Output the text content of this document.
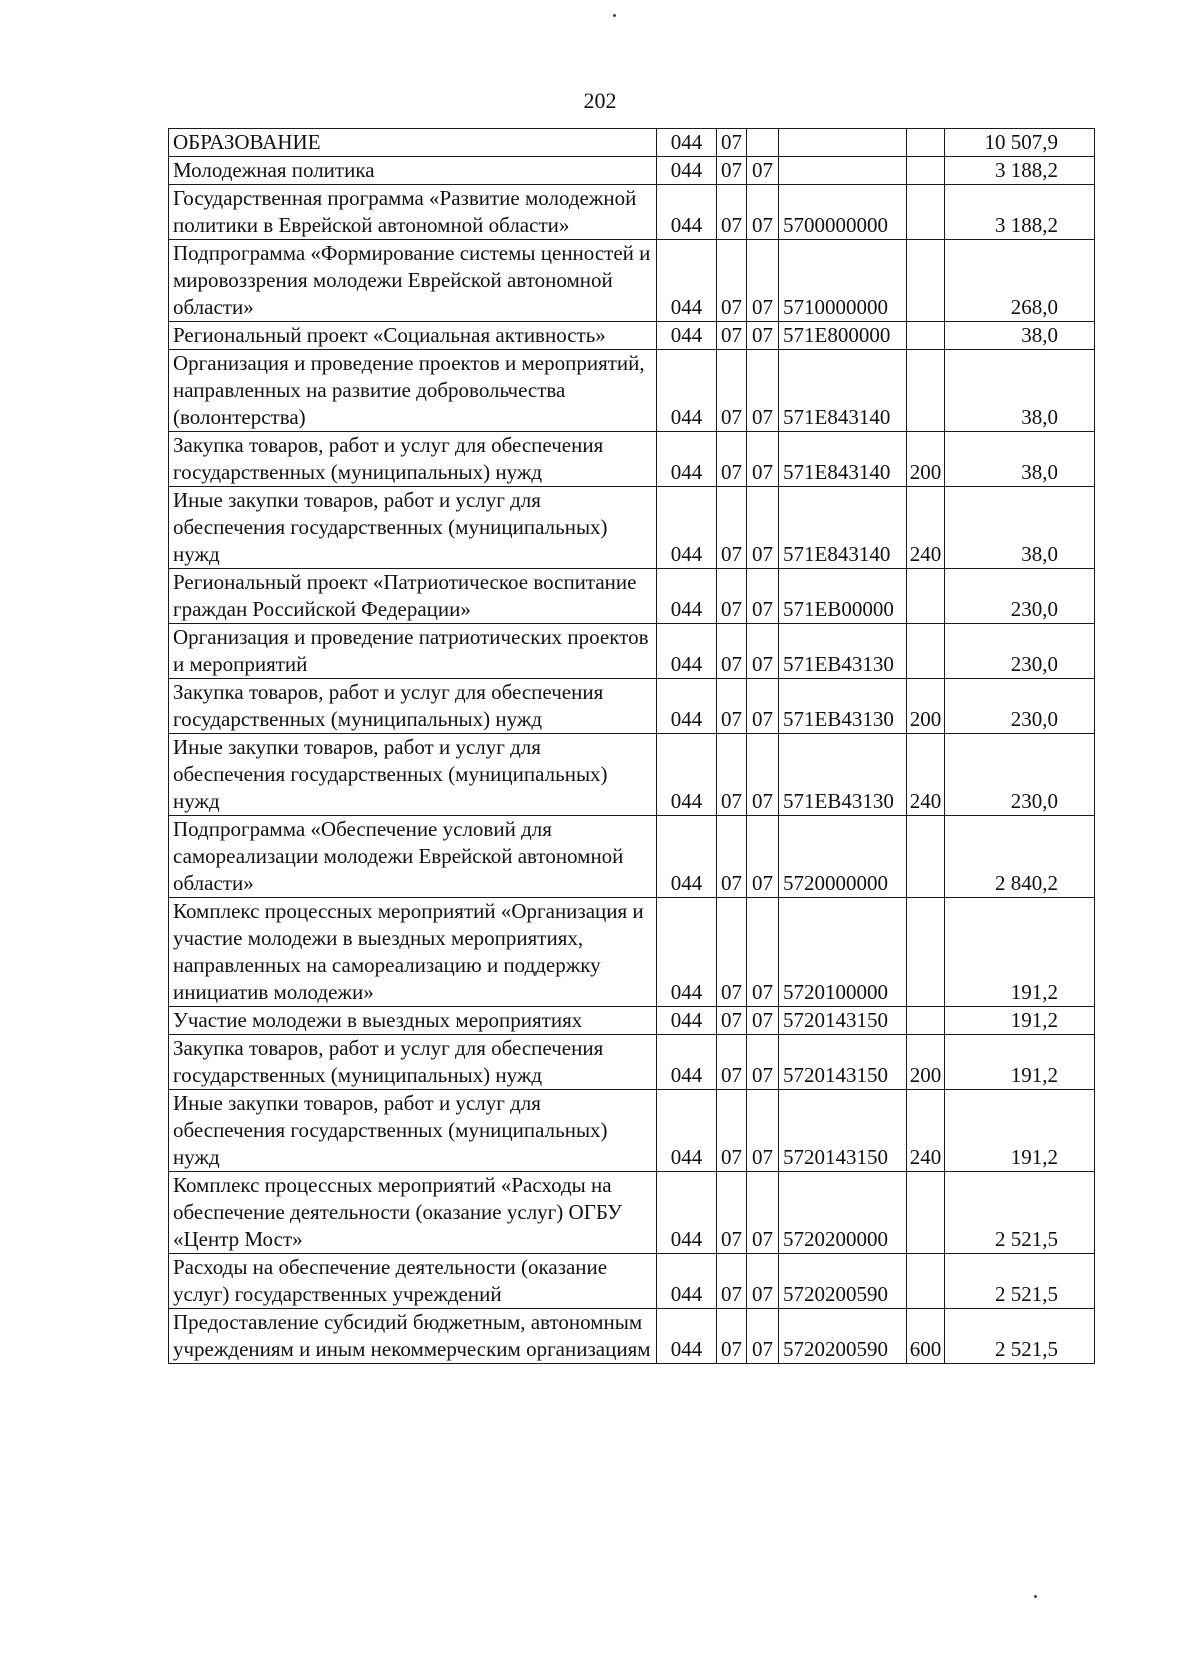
202
ОБРАЗОВАНИЕ	044	07				10 507,9
Молодежная политика	044	07	07			3 188,2
Государственная программа «Развитие молодежной политики в Еврейской автономной области»	044	07	07	5700000000		3 188,2
Подпрограмма «Формирование системы ценностей и мировоззрения молодежи Еврейской автономной области»	044	07	07	5710000000		268,0
Региональный проект «Социальная активность»	044	07	07	571Е800000		38,0
Организация и проведение проектов и мероприятий, направленных на развитие добровольчества (волонтерства)	044	07	07	571Е843140		38,0
Закупка товаров, работ и услуг для обеспечения государственных (муниципальных) нужд	044	07	07	571Е843140	200	38,0
Иные закупки товаров, работ и услуг для обеспечения государственных (муниципальных) нужд	044	07	07	571Е843140	240	38,0
Региональный проект «Патриотическое воспитание граждан Российской Федерации»	044	07	07	571ЕВ00000		230,0
Организация и проведение патриотических проектов и мероприятий	044	07	07	571ЕВ43130		230,0
Закупка товаров, работ и услуг для обеспечения государственных (муниципальных) нужд	044	07	07	571ЕВ43130	200	230,0
Иные закупки товаров, работ и услуг для обеспечения государственных (муниципальных) нужд	044	07	07	571ЕВ43130	240	230,0
Подпрограмма «Обеспечение условий для самореализации молодежи Еврейской автономной области»	044	07	07	5720000000		2 840,2
Комплекс процессных мероприятий «Организация и участие молодежи в выездных мероприятиях, направленных на самореализацию и поддержку инициатив молодежи»	044	07	07	5720100000		191,2
Участие молодежи в выездных мероприятиях	044	07	07	5720143150		191,2
Закупка товаров, работ и услуг для обеспечения государственных (муниципальных) нужд	044	07	07	5720143150	200	191,2
Иные закупки товаров, работ и услуг для обеспечения государственных (муниципальных) нужд	044	07	07	5720143150	240	191,2
Комплекс процессных мероприятий «Расходы на обеспечение деятельности (оказание услуг) ОГБУ «Центр Мост»	044	07	07	5720200000		2 521,5
Расходы на обеспечение деятельности (оказание услуг) государственных учреждений	044	07	07	5720200590		2 521,5
Предоставление субсидий бюджетным, автономным учреждениям и иным некоммерческим организациям	044	07	07	5720200590	600	2 521,5
